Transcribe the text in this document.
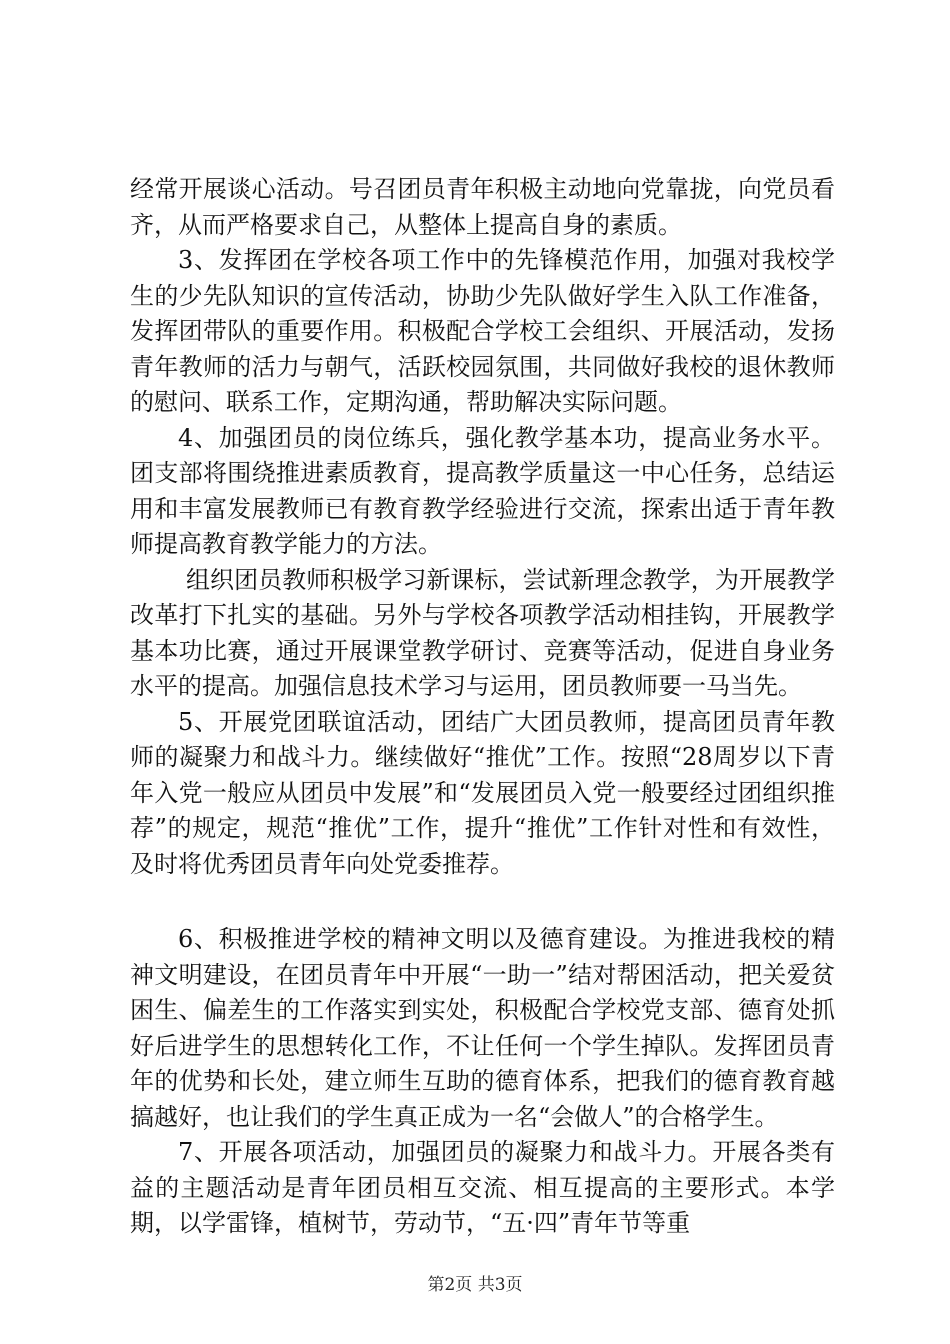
经常开展谈心活动。号召团员青年积极主动地向党靠拢，向党员看齐，从而严格要求自己，从整体上提高自身的素质。

3、发挥团在学校各项工作中的先锋模范作用，加强对我校学生的少先队知识的宣传活动，协助少先队做好学生入队工作准备，发挥团带队的重要作用。积极配合学校工会组织、开展活动，发扬青年教师的活力与朝气，活跃校园氛围，共同做好我校的退休教师的慰问、联系工作，定期沟通，帮助解决实际问题。

4、加强团员的岗位练兵，强化教学基本功，提高业务水平。团支部将围绕推进素质教育，提高教学质量这一中心任务，总结运用和丰富发展教师已有教育教学经验进行交流，探索出适于青年教师提高教育教学能力的方法。

组织团员教师积极学习新课标，尝试新理念教学，为开展教学改革打下扎实的基础。另外与学校各项教学活动相挂钩，开展教学基本功比赛，通过开展课堂教学研讨、竞赛等活动，促进自身业务水平的提高。加强信息技术学习与运用，团员教师要一马当先。

5、开展党团联谊活动，团结广大团员教师，提高团员青年教师的凝聚力和战斗力。继续做好“推优”工作。按照“28周岁以下青年入党一般应从团员中发展”和“发展团员入党一般要经过团组织推荐”的规定，规范“推优”工作，提升“推优”工作针对性和有效性，及时将优秀团员青年向处党委推荐。

6、积极推进学校的精神文明以及德育建设。为推进我校的精神文明建设，在团员青年中开展“一助一”结对帮困活动，把关爱贫困生、偏差生的工作落实到实处，积极配合学校党支部、德育处抓好后进学生的思想转化工作，不让任何一个学生掉队。发挥团员青年的优势和长处，建立师生互助的德育体系，把我们的德育教育越搞越好，也让我们的学生真正成为一名“会做人”的合格学生。

7、开展各项活动，加强团员的凝聚力和战斗力。开展各类有益的主题活动是青年团员相互交流、相互提高的主要形式。本学期，以学雷锋，植树节，劳动节，“五·四”青年节等重

第2页 共3页
